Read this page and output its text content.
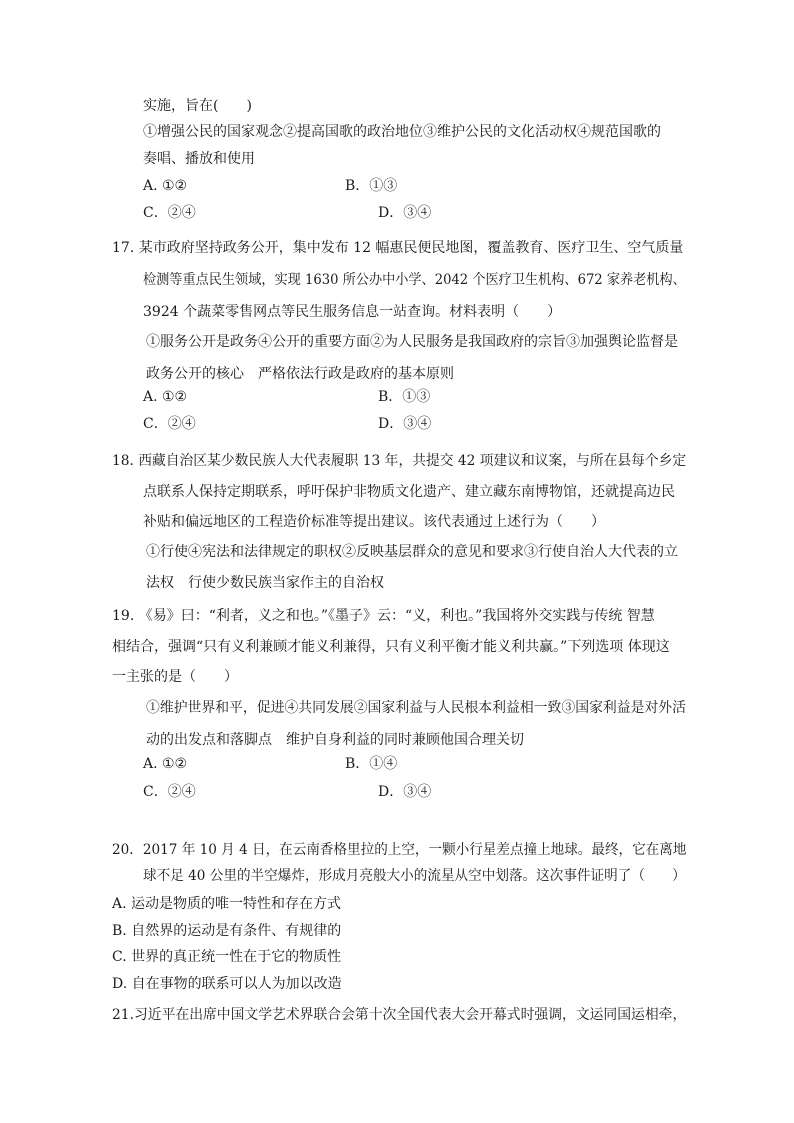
实施，旨在(　　)
①增强公民的国家观念②提高国歌的政治地位③维护公民的文化活动权④规范国歌的
奏唱、播放和使用
A. ①②	B．①③
C．②④	D．③④
17. 某市政府坚持政务公开，集中发布 12 幅惠民便民地图，覆盖教育、医疗卫生、空气质量
检测等重点民生领域，实现 1630 所公办中小学、2042 个医疗卫生机构、672 家养老机构、
3924 个蔬菜零售网点等民生服务信息一站查询。材料表明（　　）
①服务公开是政务④公开的重要方面②为人民服务是我国政府的宗旨③加强舆论监督是
政务公开的核心　严格依法行政是政府的基本原则
A. ①②	B．①③
C．②④	D．③④
18. 西藏自治区某少数民族人大代表履职 13 年，共提交 42 项建议和议案，与所在县每个乡定
点联系人保持定期联系，呼吁保护非物质文化遗产、建立藏东南博物馆，还就提高边民
补贴和偏远地区的工程造价标准等提出建议。该代表通过上述行为（　　）
①行使④宪法和法律规定的职权②反映基层群众的意见和要求③行使自治人大代表的立
法权　行使少数民族当家作主的自治权
19. 《易》曰：“利者，义之和也。”《墨子》云：“义，利也。”我国将外交实践与传统 智慧
相结合，强调“只有义利兼顾才能义利兼得，只有义利平衡才能义利共赢。”下列选项 体现这
一主张的是（　　）
①维护世界和平，促进④共同发展②国家利益与人民根本利益相一致③国家利益是对外活
动的出发点和落脚点　维护自身利益的同时兼顾他国合理关切
A. ①②	B．①④
C．②④	D．③④
20．2017 年 10 月 4 日，在云南香格里拉的上空，一颗小行星差点撞上地球。最终，它在离地
球不足 40 公里的半空爆炸，形成月亮般大小的流星从空中划落。这次事件证明了（　　）
A. 运动是物质的唯一特性和存在方式
B. 自然界的运动是有条件、有规律的
C. 世界的真正统一性在于它的物质性
D. 自在事物的联系可以人为加以改造
21.习近平在出席中国文学艺术界联合会第十次全国代表大会开幕式时强调，文运同国运相牵，
